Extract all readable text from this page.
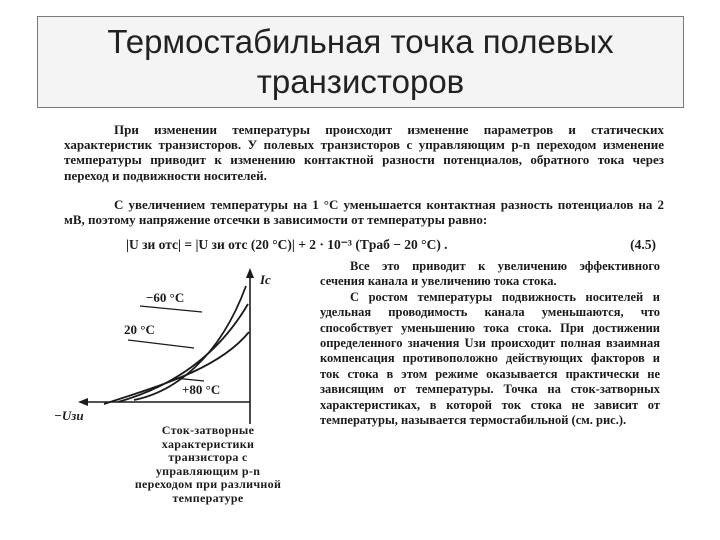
Термостабильная точка полевых
транзисторов
При изменении температуры происходит изменение параметров и статических характеристик транзисторов. У полевых транзисторов с управляющим p-n переходом изменение температуры приводит к изменению контактной разности потенциалов, обратного тока через переход и подвижности носителей.
С увеличением температуры на 1 °C уменьшается контактная разность потенциалов на 2 мВ, поэтому напряжение отсечки в зависимости от температуры равно:
|U зи отс| = |U зи отс (20 °C)| + 2 · 10⁻³ (Tраб − 20 °C) .	(4.5)
−60 °C
20 °C
+80 °C
Iс
−Uзи
Сток-затворные
характеристики
транзистора с
управляющим p-n
переходом при различной
температуре

Все это приводит к увеличению эффективного сечения канала и увеличению тока стока.

С ростом температуры подвижность носителей и удельная проводимость канала уменьшаются, что способствует уменьшению тока стока. При достижении определенного значения Uзи происходит полная взаимная компенсация противоположно действующих факторов и ток стока в этом режиме оказывается практически не зависящим от температуры. Точка на сток-затворных характеристиках, в которой ток стока не зависит от температуры, называется термостабильной (см. рис.).
